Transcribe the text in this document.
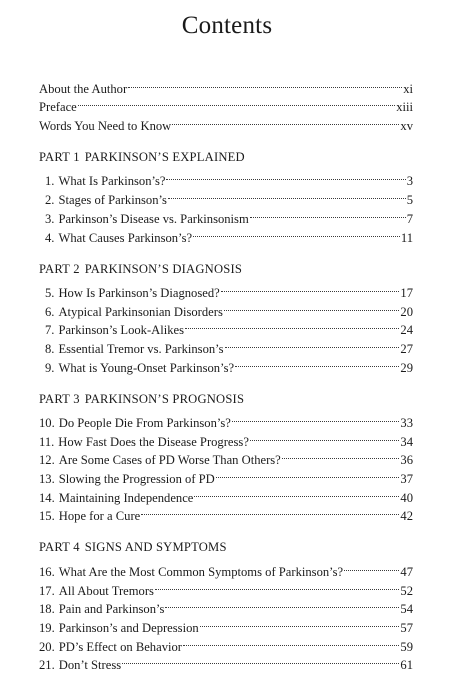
Contents
About the Author	xi
Preface	xiii
Words You Need to Know	xv
PART 1 PARKINSON’S EXPLAINED
1. What Is Parkinson’s?	3
2. Stages of Parkinson’s	5
3. Parkinson’s Disease vs. Parkinsonism	7
4. What Causes Parkinson’s?	11
PART 2 PARKINSON’S DIAGNOSIS
5. How Is Parkinson’s Diagnosed?	17
6. Atypical Parkinsonian Disorders	20
7. Parkinson’s Look-Alikes	24
8. Essential Tremor vs. Parkinson’s	27
9. What is Young-Onset Parkinson’s?	29
PART 3 PARKINSON’S PROGNOSIS
10. Do People Die From Parkinson’s?	33
11. How Fast Does the Disease Progress?	34
12. Are Some Cases of PD Worse Than Others?	36
13. Slowing the Progression of PD	37
14. Maintaining Independence	40
15. Hope for a Cure	42
PART 4 SIGNS AND SYMPTOMS
16. What Are the Most Common Symptoms of Parkinson’s?	47
17. All About Tremors	52
18. Pain and Parkinson’s	54
19. Parkinson’s and Depression	57
20. PD’s Effect on Behavior	59
21. Don’t Stress	61
